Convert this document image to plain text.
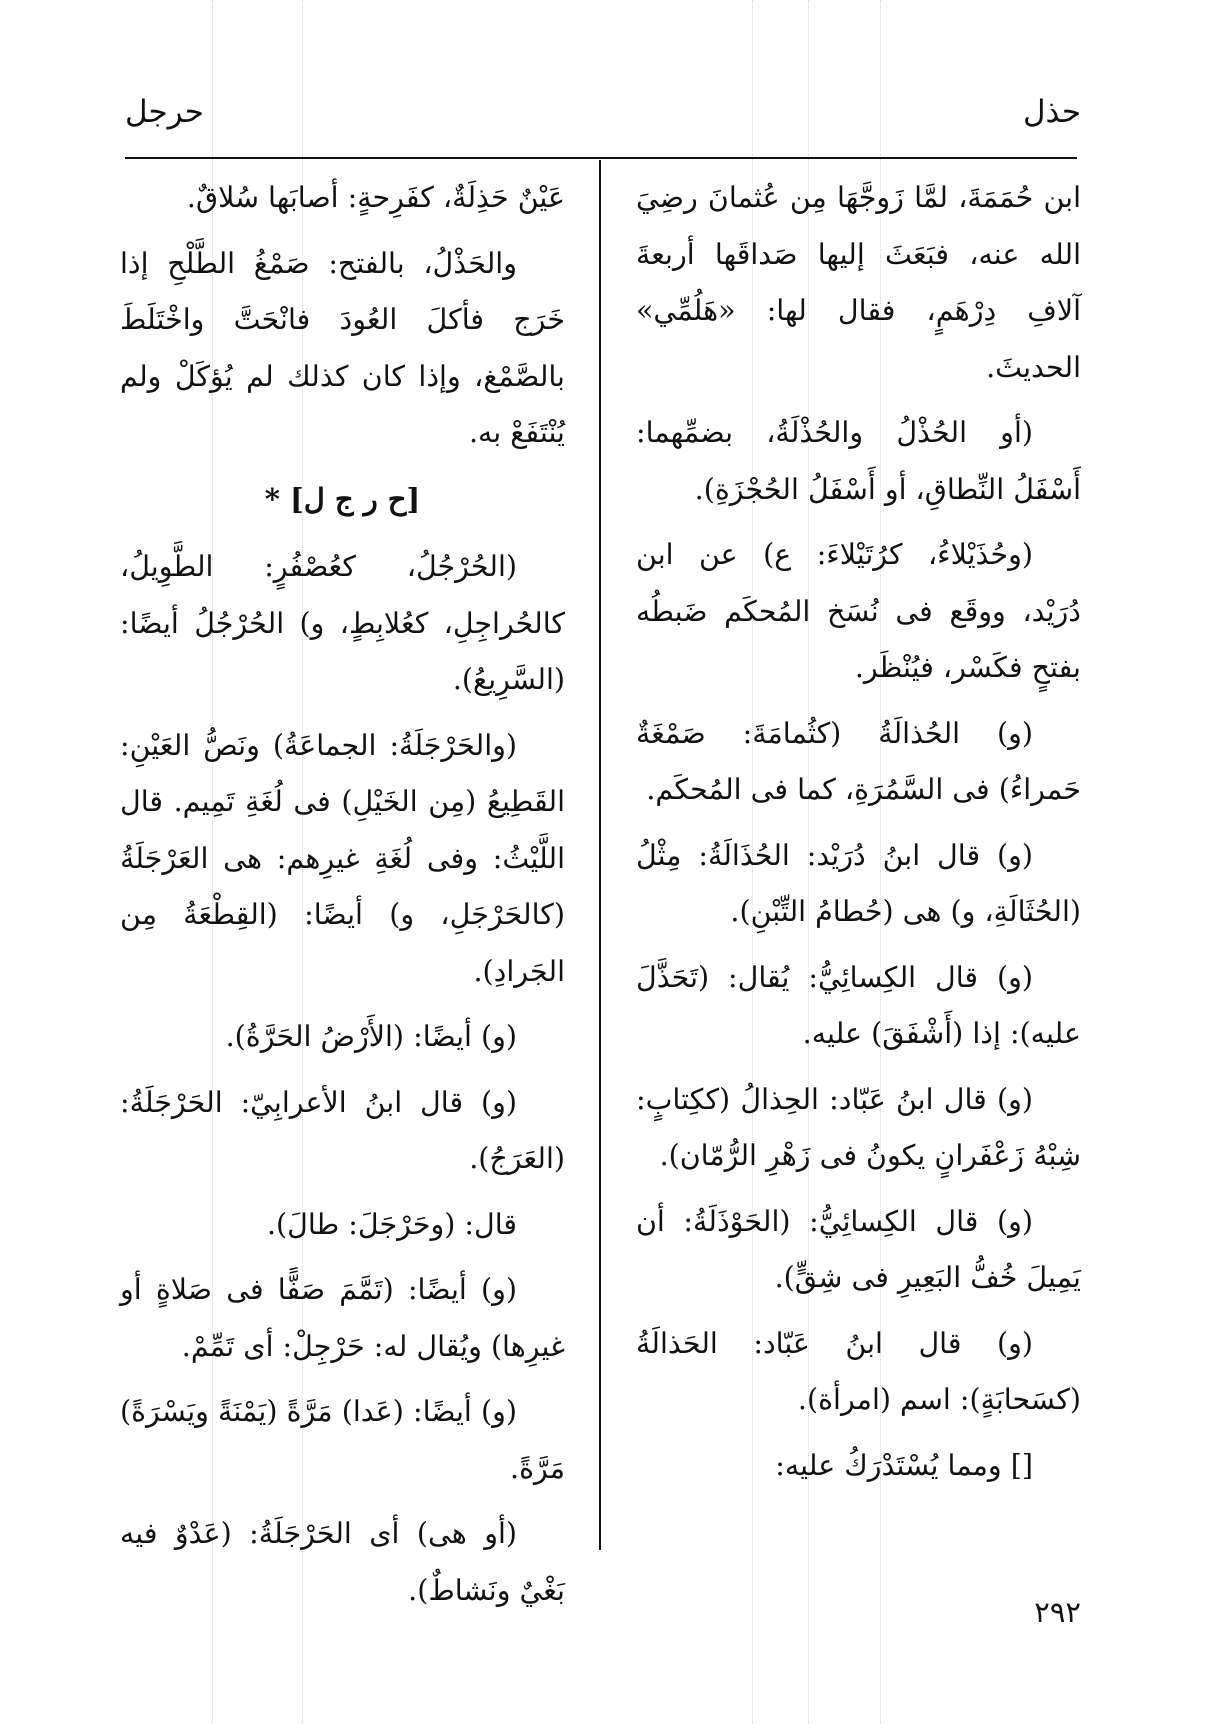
حذل
حرجل

ابن حُمَمَةَ، لمَّا زَوجَّهَا مِن عُثمانَ رضِيَ الله عنه، فبَعَثَ إليها صَداقَها أربعةَ آلافِ دِرْهَمٍ، فقال لها: «هَلُمِّي» الحديثَ.

(أو الحُذْلُ والحُذْلَةُ، بضمِّهما: أَسْفَلُ النِّطاقِ، أو أَسْفَلُ الحُجْزَةِ).

(وحُذَيْلاءُ، كرُتَيْلاءَ: ع) عن ابن دُرَيْد، ووقَع فى نُسَخ المُحكَم ضَبطُه بفتحٍ فكَسْر، فيُنْظَر.

(و) الحُذالَةُ (كثُمامَةَ: صَمْغَةٌ حَمراءُ) فى السَّمُرَةِ، كما فى المُحكَم.

(و) قال ابنُ دُرَيْد: الحُذَالَةُ: مِثْلُ (الحُثَالَةِ، و) هى (حُطامُ التِّبْنِ).

(و) قال الكِسائِيُّ: يُقال: (تَحَذَّلَ عليه): إذا (أَشْفَقَ) عليه.

(و) قال ابنُ عَبّاد: الحِذالُ (ككِتابٍ: شِبْهُ زَعْفَرانٍ يكونُ فى زَهْرِ الرُّمّان).

(و) قال الكِسائِيُّ: (الحَوْذَلَةُ: أن يَمِيلَ خُفُّ البَعِيرِ فى شِقٍّ).

(و) قال ابنُ عَبّاد: الحَذالَةُ (كسَحابَةٍ): اسم (امرأة).

[] ومما يُسْتَدْرَكُ عليه:

عَيْنٌ حَذِلَةٌ، كفَرِحةٍ: أصابَها سُلاقٌ.

والحَذْلُ، بالفتح: صَمْغُ الطَّلْحِ إذا خَرَج فأكلَ العُودَ فانْحَتَّ واخْتَلَطَ بالصَّمْغ، وإذا كان كذلك لم يُؤكَلْ ولم يُنْتَفَعْ به.

[ح ر ج ل] *

(الحُرْجُلُ، كعُصْفُرٍ: الطَّوِيلُ، كالحُراجِلِ، كعُلابِطٍ، و) الحُرْجُلُ أيضًا: (السَّرِيعُ).

(والحَرْجَلَةُ: الجماعَةُ) ونَصُّ العَيْنِ: القَطِيعُ (مِن الخَيْلِ) فى لُغَةِ تَمِيم. قال اللَّيْثُ: وفى لُغَةِ غيرِهم: هى العَرْجَلَةُ (كالحَرْجَلِ، و) أيضًا: (القِطْعَةُ مِن الجَرادِ).

(و) أيضًا: (الأَرْضُ الحَرَّةُ).

(و) قال ابنُ الأعرابِيّ: الحَرْجَلَةُ: (العَرَجُ).

قال: (وحَرْجَلَ: طالَ).

(و) أيضًا: (تَمَّمَ صَفًّا فى صَلاةٍ أو غيرِها) ويُقال له: حَرْجِلْ: أى تَمِّمْ.

(و) أيضًا: (عَدا) مَرَّةً (يَمْنَةً ويَسْرَةً) مَرَّةً.

(أو هى) أى الحَرْجَلَةُ: (عَدْوٌ فيه بَغْيٌ ونَشاطٌ).

٢٩٢
